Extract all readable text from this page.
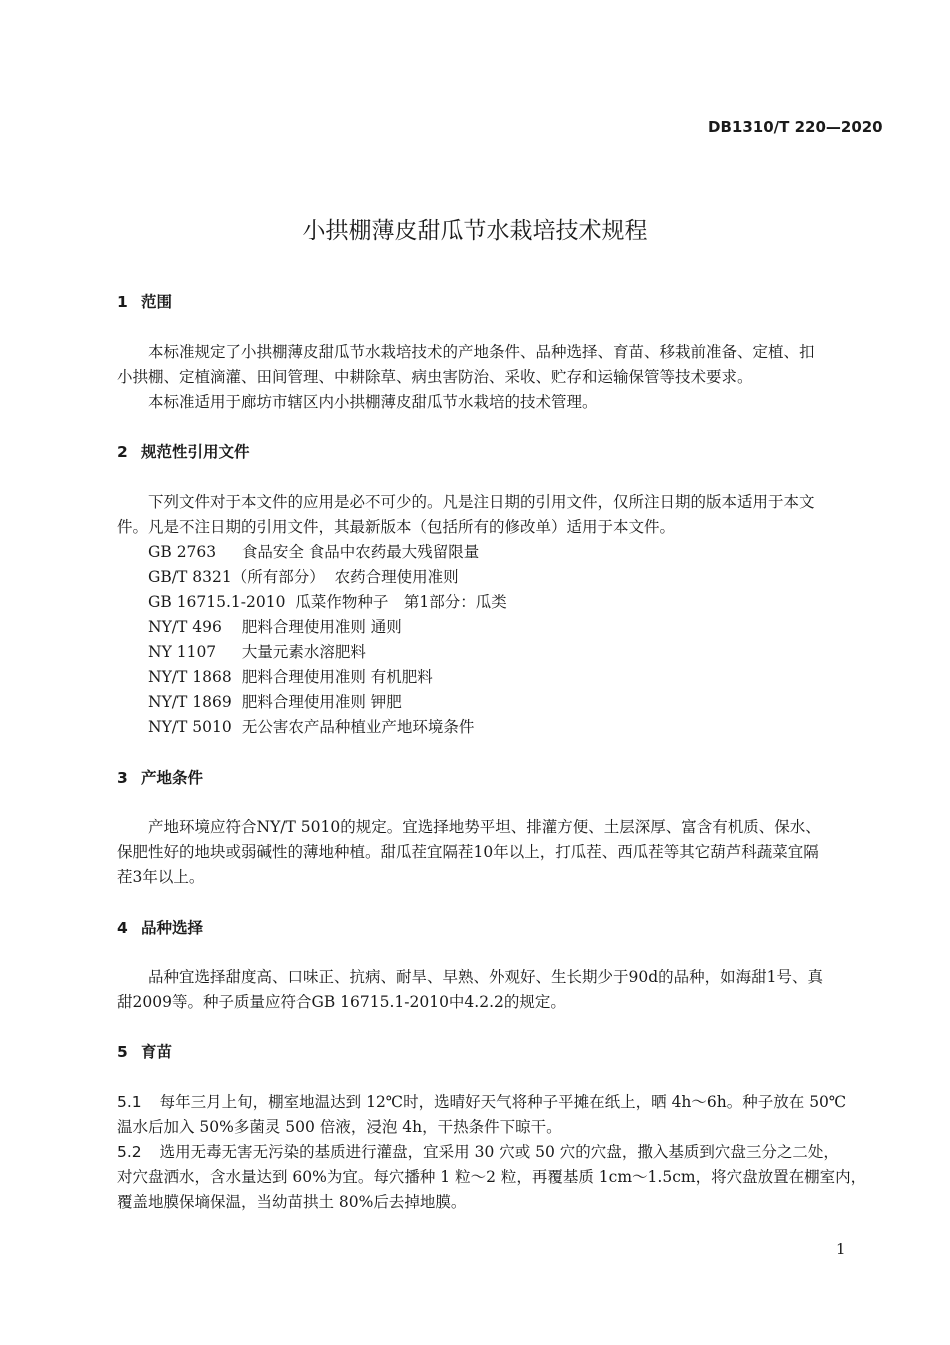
DB1310/T 220—2020
小拱棚薄皮甜瓜节水栽培技术规程
1 范围
本标准规定了小拱棚薄皮甜瓜节水栽培技术的产地条件、品种选择、育苗、移栽前准备、定植、扣
小拱棚、定植滴灌、田间管理、中耕除草、病虫害防治、采收、贮存和运输保管等技术要求。
本标准适用于廊坊市辖区内小拱棚薄皮甜瓜节水栽培的技术管理。
2 规范性引用文件
下列文件对于本文件的应用是必不可少的。凡是注日期的引用文件，仅所注日期的版本适用于本文
件。凡是不注日期的引用文件，其最新版本（包括所有的修改单）适用于本文件。
GB 2763 食品安全 食品中农药最大残留限量
GB/T 8321（所有部分） 农药合理使用准则
GB 16715.1-2010 瓜菜作物种子　第1部分：瓜类
NY/T 496 肥料合理使用准则 通则
NY 1107 大量元素水溶肥料
NY/T 1868 肥料合理使用准则 有机肥料
NY/T 1869 肥料合理使用准则 钾肥
NY/T 5010 无公害农产品种植业产地环境条件
3 产地条件
产地环境应符合NY/T 5010的规定。宜选择地势平坦、排灌方便、土层深厚、富含有机质、保水、
保肥性好的地块或弱碱性的薄地种植。甜瓜茬宜隔茬10年以上，打瓜茬、西瓜茬等其它葫芦科蔬菜宜隔
茬3年以上。
4 品种选择
品种宜选择甜度高、口味正、抗病、耐旱、早熟、外观好、生长期少于90d的品种，如海甜1号、真
甜2009等。种子质量应符合GB 16715.1-2010中4.2.2的规定。
5 育苗
5.1 每年三月上旬，棚室地温达到 12℃时，选晴好天气将种子平摊在纸上，晒 4h～6h。种子放在 50℃
温水后加入 50%多菌灵 500 倍液，浸泡 4h，干热条件下晾干。
5.2 选用无毒无害无污染的基质进行灌盘，宜采用 30 穴或 50 穴的穴盘，撒入基质到穴盘三分之二处，
对穴盘洒水，含水量达到 60%为宜。每穴播种 1 粒～2 粒，再覆基质 1cm～1.5cm，将穴盘放置在棚室内，
覆盖地膜保墒保温，当幼苗拱土 80%后去掉地膜。
1
